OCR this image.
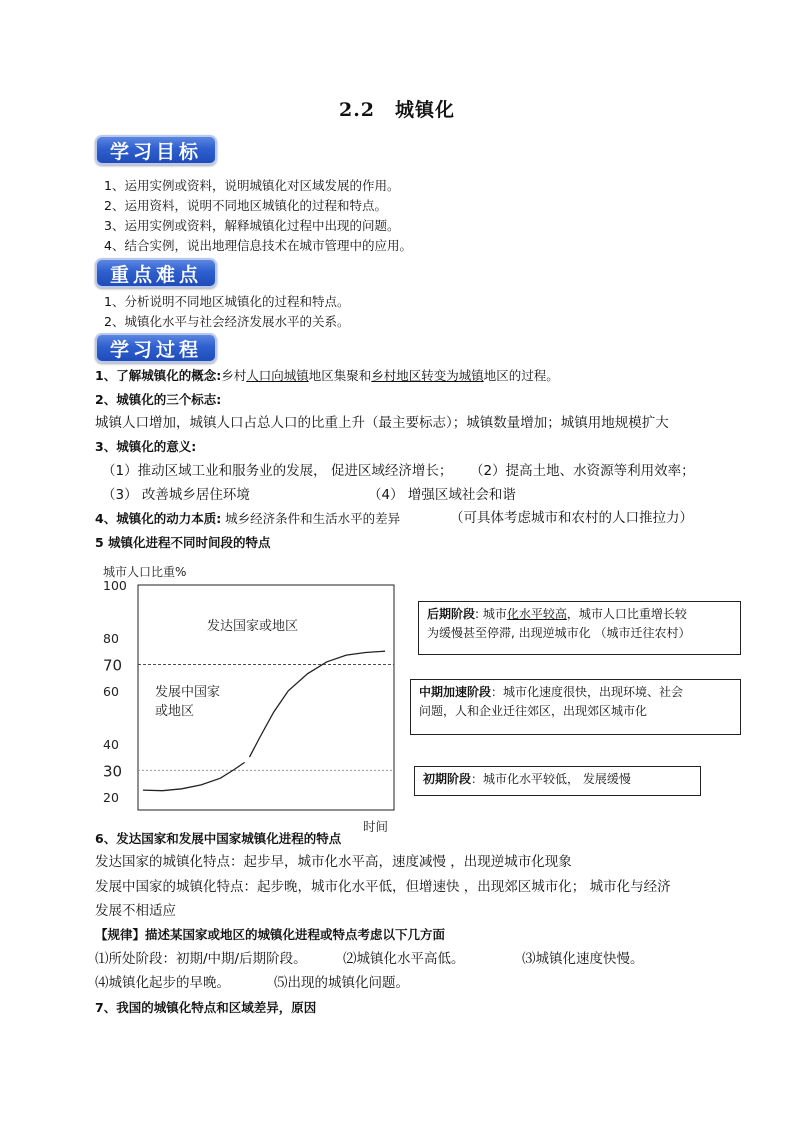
2.2　城镇化
学习目标
1、运用实例或资料，说明城镇化对区域发展的作用。
2、运用资料，说明不同地区城镇化的过程和特点。
3、运用实例或资料，解释城镇化过程中出现的问题。
4、结合实例，说出地理信息技术在城市管理中的应用。
重点难点
1、分析说明不同地区城镇化的过程和特点。
2、城镇化水平与社会经济发展水平的关系。
学习过程
1、了解城镇化的概念:乡村人口向城镇地区集聚和乡村地区转变为城镇地区的过程。
2、城镇化的三个标志:
城镇人口增加，城镇人口占总人口的比重上升（最主要标志）；城镇数量增加；城镇用地规模扩大
3、城镇化的意义:
（1）推动区域工业和服务业的发展， 促进区域经济增长； （2）提高土地、水资源等利用效率；
（3） 改善城乡居住环境	（4） 增强区域社会和谐
4、城镇化的动力本质: 城乡经济条件和生活水平的差异	（可具体考虑城市和农村的人口推拉力）
5 城镇化进程不同时间段的特点
城市人口比重%
100
80
70
60
40
30
20
发达国家或地区
发展中国家
或地区
时间
后期阶段: 城市化水平较高，城市人口比重增长较
为缓慢甚至停滞, 出现逆城市化 （城市迁往农村）
中期加速阶段：城市化速度很快，出现环境、社会
问题，人和企业迁往郊区，出现郊区城市化
初期阶段：城市化水平较低， 发展缓慢
6、发达国家和发展中国家城镇化进程的特点
发达国家的城镇化特点：起步早，城市化水平高，速度减慢 ，出现逆城市化现象
发展中国家的城镇化特点：起步晚，城市化水平低，但增速快 ，出现郊区城市化； 城市化与经济
发展不相适应
【规律】描述某国家或地区的城镇化进程或特点考虑以下几方面
⑴所处阶段：初期/中期/后期阶段。	⑵城镇化水平高低。	⑶城镇化速度快慢。
⑷城镇化起步的早晚。	⑸出现的城镇化问题。
7、我国的城镇化特点和区域差异，原因
